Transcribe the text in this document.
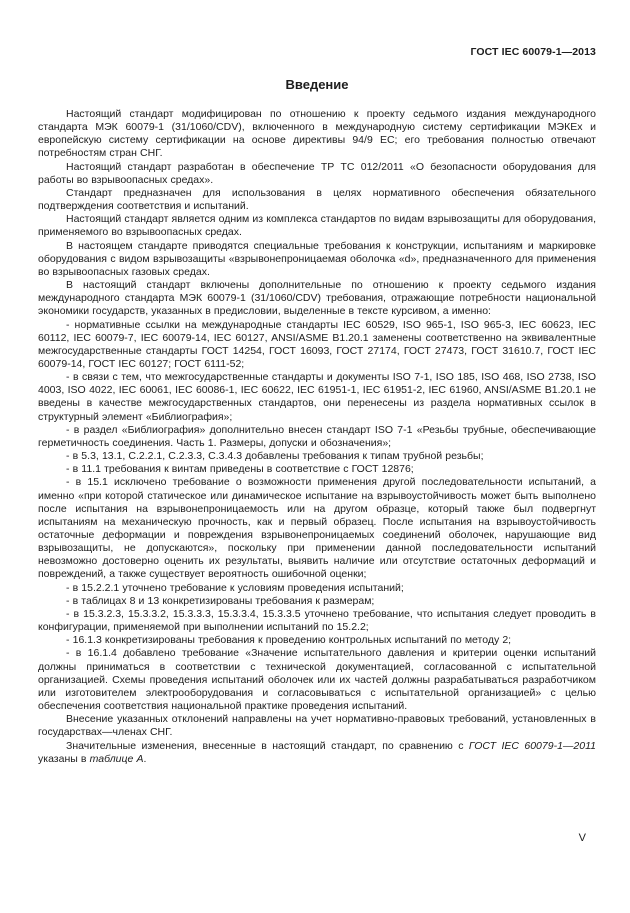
ГОСТ IEC 60079-1—2013
Введение

Настоящий стандарт модифицирован по отношению к проекту седьмого издания международного стандарта МЭК 60079-1 (31/1060/CDV), включенного в международную систему сертификации МЭКЕх и европейскую систему сертификации на основе директивы 94/9 ЕС; его требования полностью отвечают потребностям стран СНГ.

Настоящий стандарт разработан в обеспечение ТР ТС 012/2011 «О безопасности оборудования для работы во взрывоопасных средах».

Стандарт предназначен для использования в целях нормативного обеспечения обязательного подтверждения соответствия и испытаний.

Настоящий стандарт является одним из комплекса стандартов по видам взрывозащиты для оборудования, применяемого во взрывоопасных средах.

В настоящем стандарте приводятся специальные требования к конструкции, испытаниям и маркировке оборудования с видом взрывозащиты «взрывонепроницаемая оболочка «d», предназначенного для применения во взрывоопасных газовых средах.

В настоящий стандарт включены дополнительные по отношению к проекту седьмого издания международного стандарта МЭК 60079-1 (31/1060/CDV) требования, отражающие потребности национальной экономики государств, указанных в предисловии, выделенные в тексте курсивом, а именно:

- нормативные ссылки на международные стандарты IEC 60529, ISO 965-1, ISO 965-3, IEC 60623, IEC 60112, IEC 60079-7, IEC 60079-14, IEC 60127, ANSI/ASME B1.20.1 заменены соответственно на эквивалентные межгосударственные стандарты ГОСТ 14254, ГОСТ 16093, ГОСТ 27174, ГОСТ 27473, ГОСТ 31610.7, ГОСТ IEC 60079-14, ГОСТ IEC 60127; ГОСТ 6111-52;

- в связи с тем, что межгосударственные стандарты и документы ISO 7-1, ISO 185, ISO 468, ISO 2738, ISO 4003, ISO 4022, IEC 60061, IEC 60086-1, IEC 60622, IEC 61951-1, IEC 61951-2, IEC 61960, ANSI/ASME B1.20.1 не введены в качестве межгосударственных стандартов, они перенесены из раздела нормативных ссылок в структурный элемент «Библиография»;

- в раздел «Библиография» дополнительно внесен стандарт ISO 7-1 «Резьбы трубные, обеспечивающие герметичность соединения. Часть 1. Размеры, допуски и обозначения»;

- в 5.3, 13.1, С.2.2.1, С.2.3.3, С.3.4.3 добавлены требования к типам трубной резьбы;

- в 11.1 требования к винтам приведены в соответствие с ГОСТ 12876;

- в 15.1 исключено требование о возможности применения другой последовательности испытаний, а именно «при которой статическое или динамическое испытание на взрывоустойчивость может быть выполнено после испытания на взрывонепроницаемость или на другом образце, который также был подвергнут испытаниям на механическую прочность, как и первый образец. После испытания на взрывоустойчивость остаточные деформации и повреждения взрывонепроницаемых соединений оболочек, нарушающие вид взрывозащиты, не допускаются», поскольку при применении данной последовательности испытаний невозможно достоверно оценить их результаты, выявить наличие или отсутствие остаточных деформаций и повреждений, а также существует вероятность ошибочной оценки;

- в 15.2.2.1 уточнено требование к условиям проведения испытаний;

- в таблицах 8 и 13 конкретизированы требования к размерам;

- в 15.3.2.3, 15.3.3.2, 15.3.3.3, 15.3.3.4, 15.3.3.5 уточнено требование, что испытания следует проводить в конфигурации, применяемой при выполнении испытаний по 15.2.2;

- 16.1.3 конкретизированы требования к проведению контрольных испытаний по методу 2;

- в 16.1.4 добавлено требование «Значение испытательного давления и критерии оценки испытаний должны приниматься в соответствии с технической документацией, согласованной с испытательной организацией. Схемы проведения испытаний оболочек или их частей должны разрабатываться разработчиком или изготовителем электрооборудования и согласовываться с испытательной организацией» с целью обеспечения соответствия национальной практике проведения испытаний.

Внесение указанных отклонений направлены на учет нормативно-правовых требований, установленных в государствах—членах СНГ.

Значительные изменения, внесенные в настоящий стандарт, по сравнению с ГОСТ IEC 60079-1—2011 указаны в таблице А.

V
